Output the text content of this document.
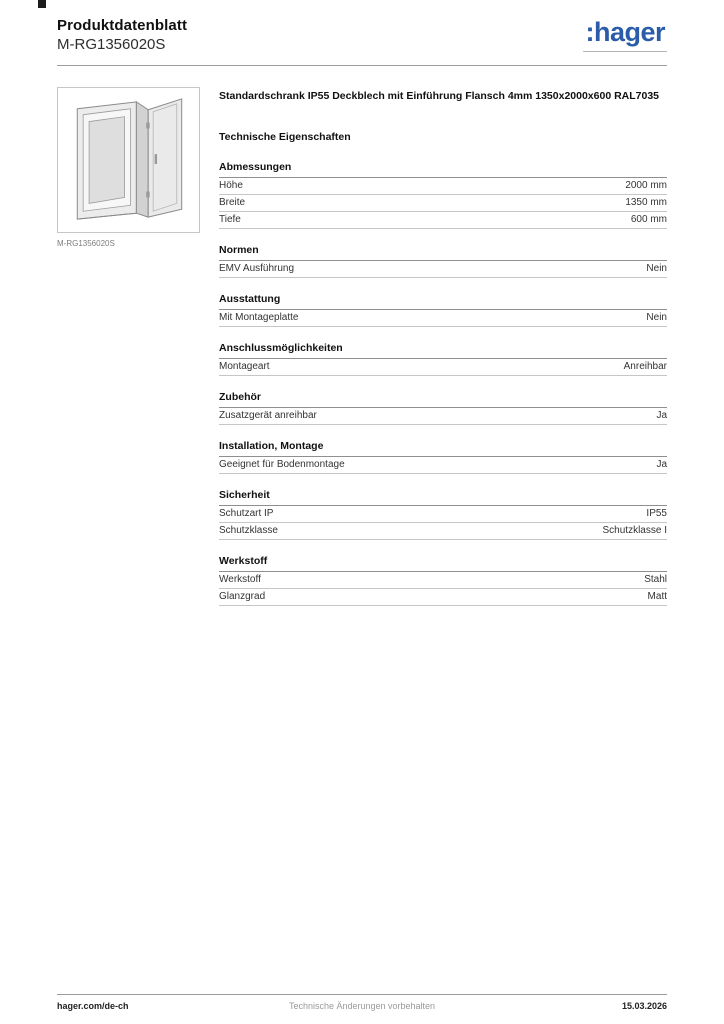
Produktdatenblatt
M-RG1356020S	:hager
M-RG1356020S
Standardschrank IP55 Deckblech mit Einführung Flansch 4mm 1350x2000x600 RAL7035
Technische Eigenschaften
Abmessungen
Höhe	2000 mm
Breite	1350 mm
Tiefe	600 mm
Normen
EMV Ausführung	Nein
Ausstattung
Mit Montageplatte	Nein
Anschlussmöglichkeiten
Montageart	Anreihbar
Zubehör
Zusatzgerät anreihbar	Ja
Installation, Montage
Geeignet für Bodenmontage	Ja
Sicherheit
Schutzart IP	IP55
Schutzklasse	Schutzklasse I
Werkstoff
Werkstoff	Stahl
Glanzgrad	Matt
hager.com/de-ch	Technische Änderungen vorbehalten	15.03.2026
